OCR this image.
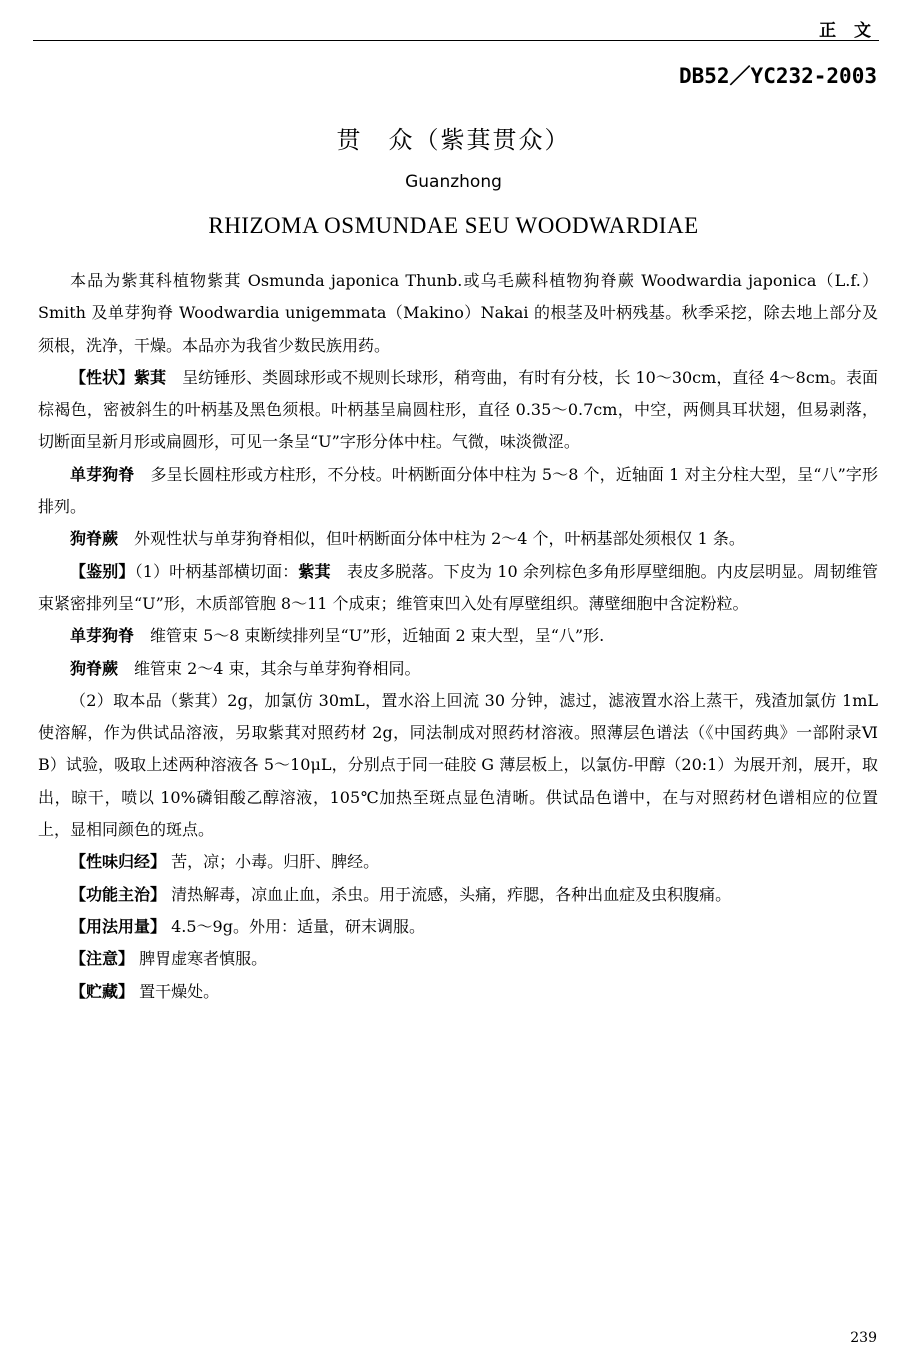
正 文
DB52／YC232-2003
贯　众（紫萁贯众）
Guanzhong
RHIZOMA OSMUNDAE SEU WOODWARDIAE

本品为紫萁科植物紫萁 Osmunda japonica Thunb.或乌毛蕨科植物狗脊蕨 Woodwardia japonica（L.f.）Smith 及单芽狗脊 Woodwardia unigemmata（Makino）Nakai 的根茎及叶柄残基。秋季采挖，除去地上部分及须根，洗净，干燥。本品亦为我省少数民族用药。

【性状】紫萁　呈纺锤形、类圆球形或不规则长球形，稍弯曲，有时有分枝，长 10～30cm，直径 4～8cm。表面棕褐色，密被斜生的叶柄基及黑色须根。叶柄基呈扁圆柱形，直径 0.35～0.7cm，中空，两侧具耳状翅，但易剥落，切断面呈新月形或扁圆形，可见一条呈“U”字形分体中柱。气微，味淡微涩。

单芽狗脊　多呈长圆柱形或方柱形，不分枝。叶柄断面分体中柱为 5～8 个，近轴面 1 对主分柱大型，呈“八”字形排列。

狗脊蕨　外观性状与单芽狗脊相似，但叶柄断面分体中柱为 2～4 个，叶柄基部处须根仅 1 条。

【鉴别】（1）叶柄基部横切面：紫萁　表皮多脱落。下皮为 10 余列棕色多角形厚壁细胞。内皮层明显。周韧维管束紧密排列呈“U”形，木质部管胞 8～11 个成束；维管束凹入处有厚壁组织。薄壁细胞中含淀粉粒。

单芽狗脊　维管束 5～8 束断续排列呈“U”形，近轴面 2 束大型，呈“八”形.

狗脊蕨　维管束 2～4 束，其余与单芽狗脊相同。

（2）取本品（紫萁）2g，加氯仿 30mL，置水浴上回流 30 分钟，滤过，滤液置水浴上蒸干，残渣加氯仿 1mL 使溶解，作为供试品溶液，另取紫萁对照药材 2g，同法制成对照药材溶液。照薄层色谱法（《中国药典》一部附录Ⅵ B）试验，吸取上述两种溶液各 5～10μL，分别点于同一硅胶 G 薄层板上，以氯仿-甲醇（20:1）为展开剂，展开，取出，晾干，喷以 10%磷钼酸乙醇溶液，105℃加热至斑点显色清晰。供试品色谱中，在与对照药材色谱相应的位置上，显相同颜色的斑点。

【性味归经】 苦，凉；小毒。归肝、脾经。

【功能主治】 清热解毒，凉血止血，杀虫。用于流感，头痛，痄腮，各种出血症及虫积腹痛。

【用法用量】 4.5～9g。外用：适量，研末调服。

【注意】 脾胃虚寒者慎服。

【贮藏】 置干燥处。

239
